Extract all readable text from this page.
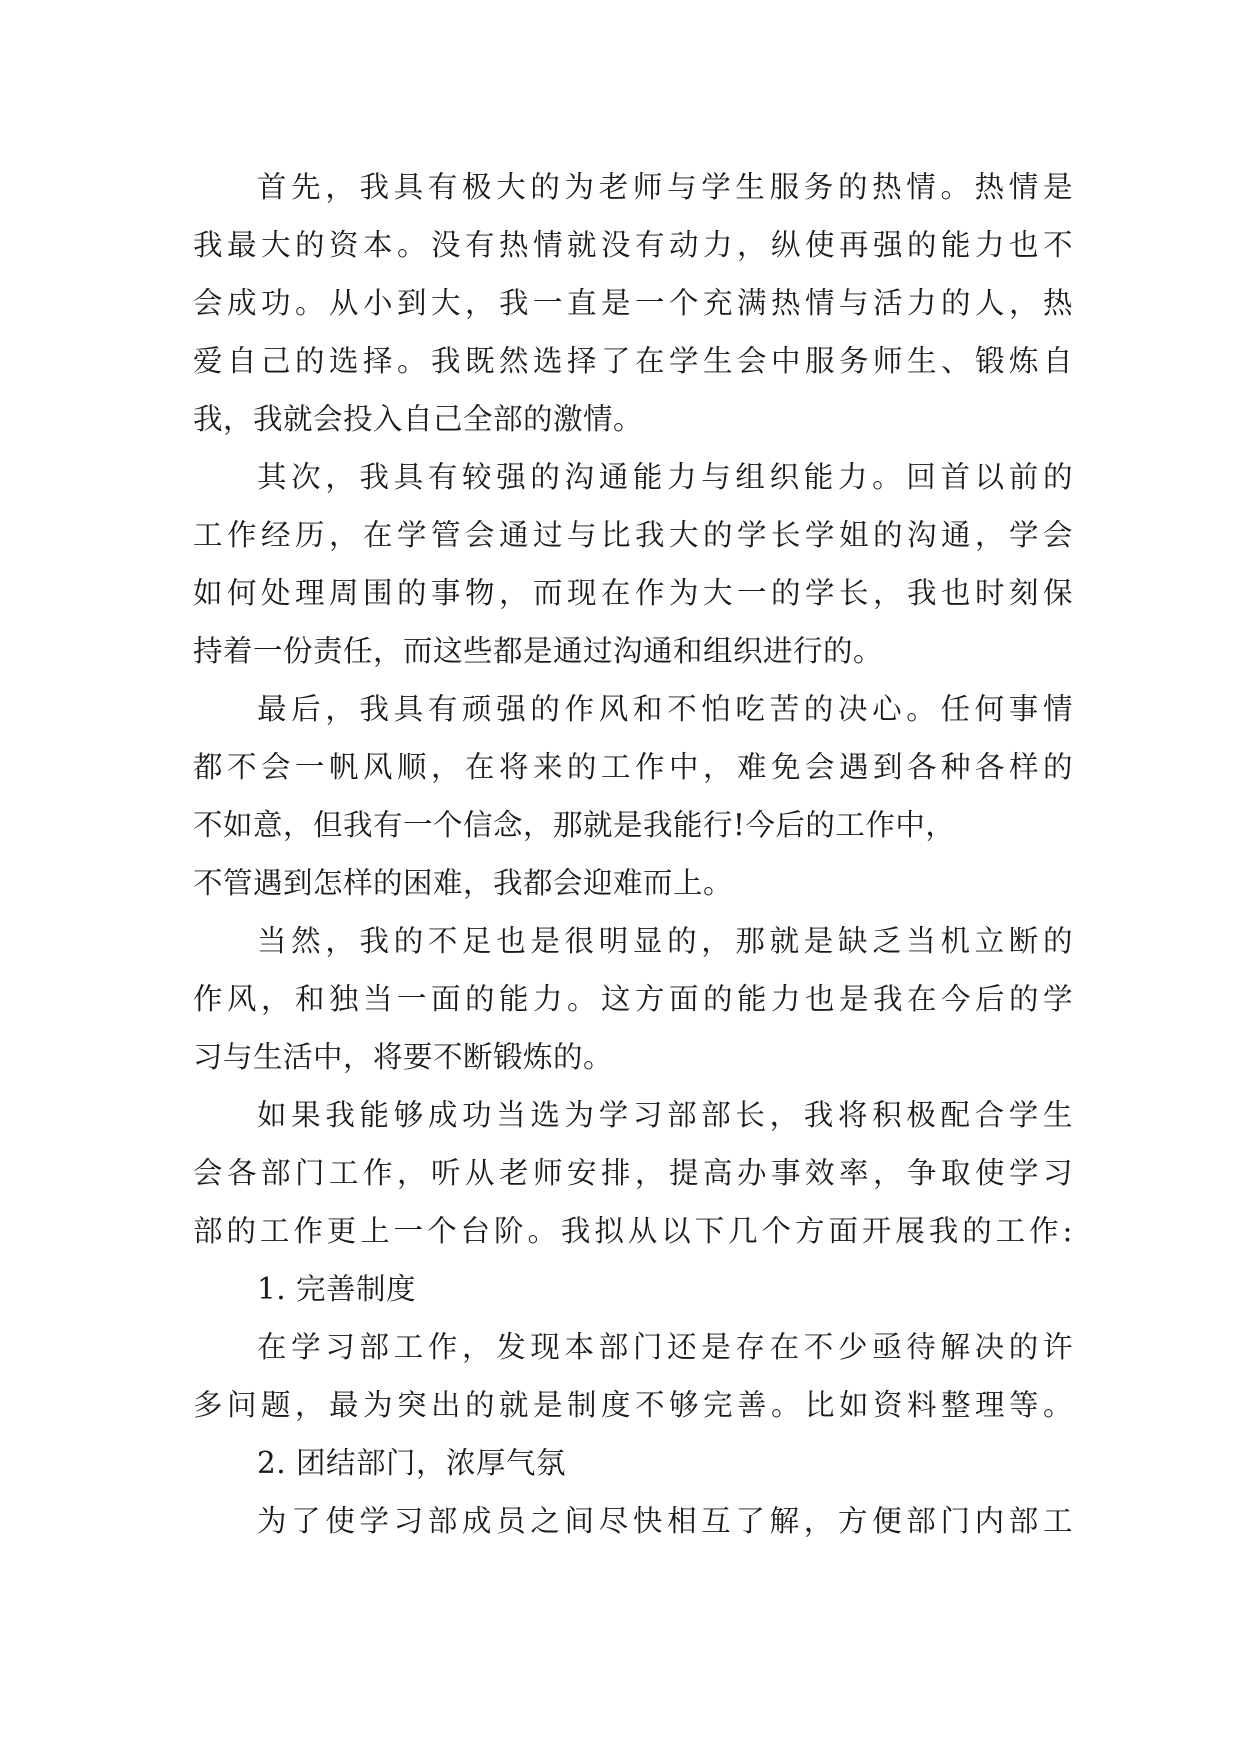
首先，我具有极大的为老师与学生服务的热情。热情是
我最大的资本。没有热情就没有动力，纵使再强的能力也不
会成功。从小到大，我一直是一个充满热情与活力的人，热
爱自己的选择。我既然选择了在学生会中服务师生、锻炼自
我，我就会投入自己全部的激情。
其次，我具有较强的沟通能力与组织能力。回首以前的
工作经历，在学管会通过与比我大的学长学姐的沟通，学会
如何处理周围的事物，而现在作为大一的学长，我也时刻保
持着一份责任，而这些都是通过沟通和组织进行的。
最后，我具有顽强的作风和不怕吃苦的决心。任何事情
都不会一帆风顺，在将来的工作中，难免会遇到各种各样的
不如意，但我有一个信念，那就是我能行!今后的工作中，
不管遇到怎样的困难，我都会迎难而上。
当然，我的不足也是很明显的，那就是缺乏当机立断的
作风，和独当一面的能力。这方面的能力也是我在今后的学
习与生活中，将要不断锻炼的。
如果我能够成功当选为学习部部长，我将积极配合学生
会各部门工作，听从老师安排，提高办事效率，争取使学习
部的工作更上一个台阶。我拟从以下几个方面开展我的工作:
1. 完善制度
在学习部工作，发现本部门还是存在不少亟待解决的许
多问题，最为突出的就是制度不够完善。比如资料整理等。
2. 团结部门，浓厚气氛
为了使学习部成员之间尽快相互了解，方便部门内部工
